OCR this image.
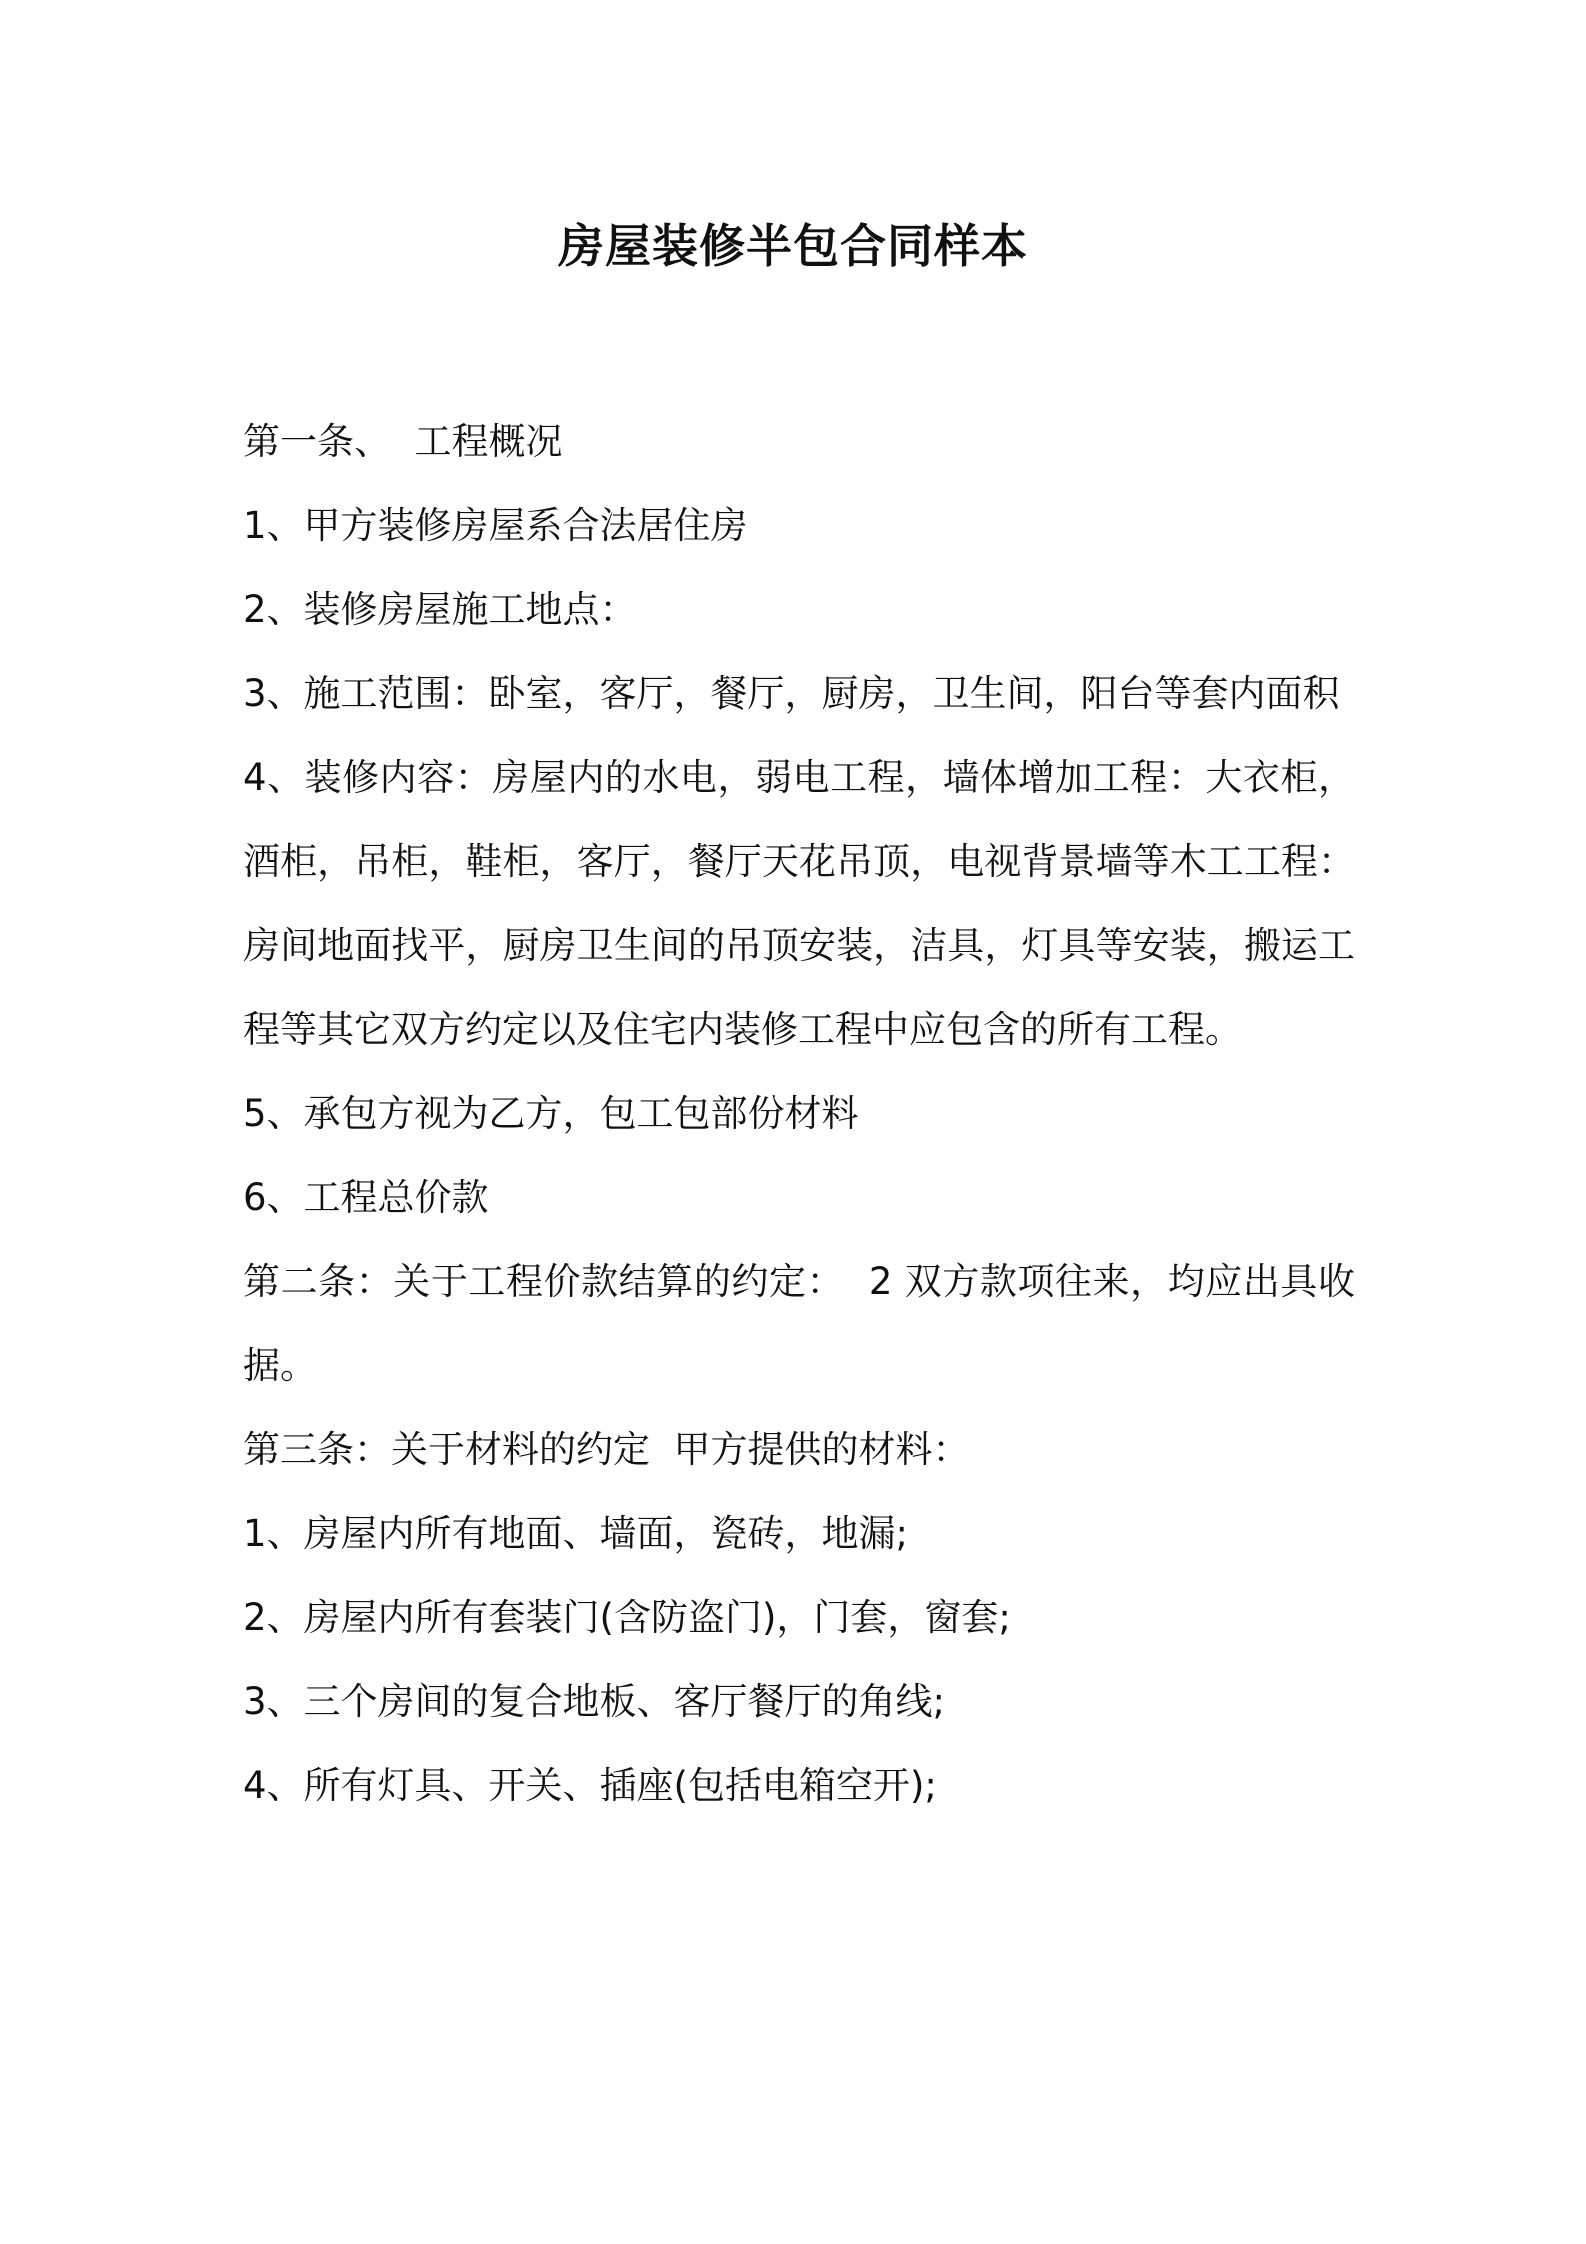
房屋装修半包合同样本

第一条、  工程概况

1、甲方装修房屋系合法居住房

2、装修房屋施工地点：

3、施工范围：卧室，客厅，餐厅，厨房，卫生间，阳台等套内面积

4、装修内容：房屋内的水电，弱电工程，墙体增加工程：大衣柜，酒柜，吊柜，鞋柜，客厅，餐厅天花吊顶，电视背景墙等木工工程：房间地面找平，厨房卫生间的吊顶安装，洁具，灯具等安装，搬运工程等其它双方约定以及住宅内装修工程中应包含的所有工程。

5、承包方视为乙方，包工包部份材料

6、工程总价款

第二条：关于工程价款结算的约定：  2 双方款项往来，均应出具收据。

第三条：关于材料的约定  甲方提供的材料：

1、房屋内所有地面、墙面，瓷砖，地漏;

2、房屋内所有套装门(含防盗门)，门套，窗套;

3、三个房间的复合地板、客厅餐厅的角线;

4、所有灯具、开关、插座(包括电箱空开);
